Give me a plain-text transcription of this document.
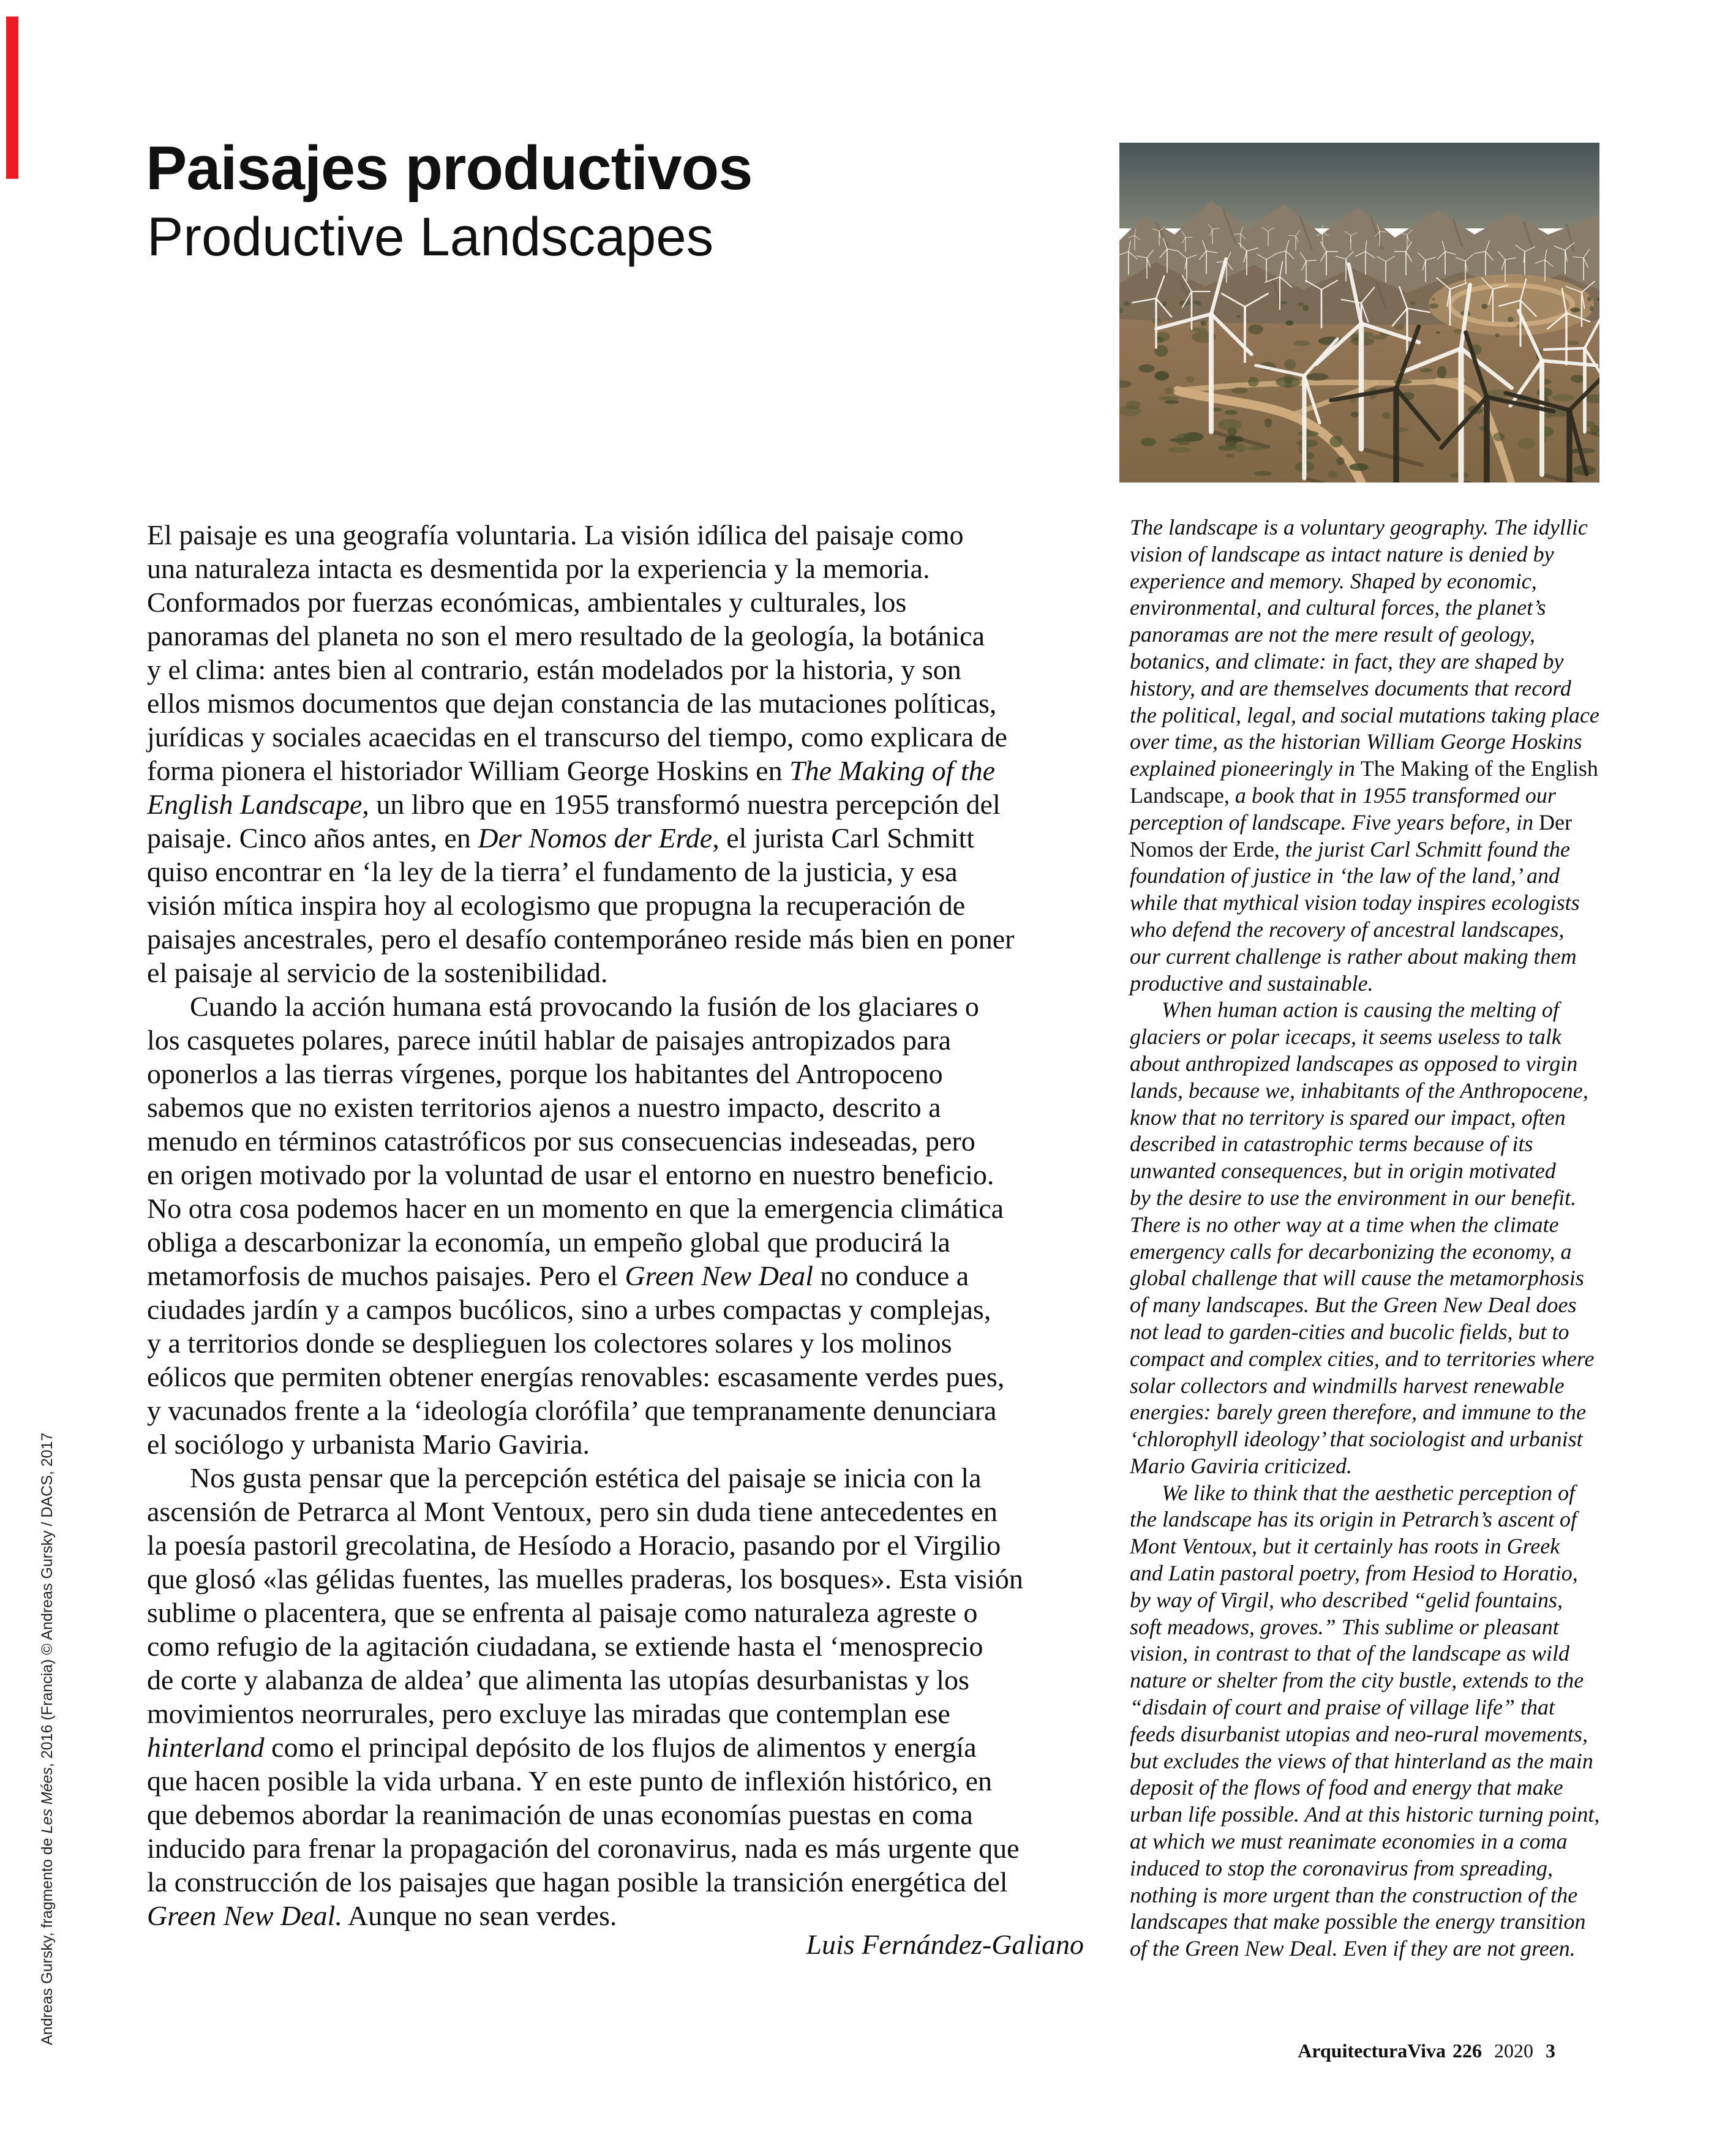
Paisajes productivos
Productive Landscapes
Andreas Gursky, fragmento de Les Mées, 2016 (Francia) © Andreas Gursky / DACS, 2017
El paisaje es una geografía voluntaria. La visión idílica del paisaje como
una naturaleza intacta es desmentida por la experiencia y la memoria.
Conformados por fuerzas económicas, ambientales y culturales, los
panoramas del planeta no son el mero resultado de la geología, la botánica
y el clima: antes bien al contrario, están modelados por la historia, y son
ellos mismos documentos que dejan constancia de las mutaciones políticas,
jurídicas y sociales acaecidas en el transcurso del tiempo, como explicara de
forma pionera el historiador William George Hoskins en The Making of the
English Landscape, un libro que en 1955 transformó nuestra percepción del
paisaje. Cinco años antes, en Der Nomos der Erde, el jurista Carl Schmitt
quiso encontrar en ‘la ley de la tierra’ el fundamento de la justicia, y esa
visión mítica inspira hoy al ecologismo que propugna la recuperación de
paisajes ancestrales, pero el desafío contemporáneo reside más bien en poner
el paisaje al servicio de la sostenibilidad.
Cuando la acción humana está provocando la fusión de los glaciares o
los casquetes polares, parece inútil hablar de paisajes antropizados para
oponerlos a las tierras vírgenes, porque los habitantes del Antropoceno
sabemos que no existen territorios ajenos a nuestro impacto, descrito a
menudo en términos catastróficos por sus consecuencias indeseadas, pero
en origen motivado por la voluntad de usar el entorno en nuestro beneficio.
No otra cosa podemos hacer en un momento en que la emergencia climática
obliga a descarbonizar la economía, un empeño global que producirá la
metamorfosis de muchos paisajes. Pero el Green New Deal no conduce a
ciudades jardín y a campos bucólicos, sino a urbes compactas y complejas,
y a territorios donde se desplieguen los colectores solares y los molinos
eólicos que permiten obtener energías renovables: escasamente verdes pues,
y vacunados frente a la ‘ideología clorófila’ que tempranamente denunciara
el sociólogo y urbanista Mario Gaviria.
Nos gusta pensar que la percepción estética del paisaje se inicia con la
ascensión de Petrarca al Mont Ventoux, pero sin duda tiene antecedentes en
la poesía pastoril grecolatina, de Hesíodo a Horacio, pasando por el Virgilio
que glosó «las gélidas fuentes, las muelles praderas, los bosques». Esta visión
sublime o placentera, que se enfrenta al paisaje como naturaleza agreste o
como refugio de la agitación ciudadana, se extiende hasta el ‘menosprecio
de corte y alabanza de aldea’ que alimenta las utopías desurbanistas y los
movimientos neorrurales, pero excluye las miradas que contemplan ese
hinterland como el principal depósito de los flujos de alimentos y energía
que hacen posible la vida urbana. Y en este punto de inflexión histórico, en
que debemos abordar la reanimación de unas economías puestas en coma
inducido para frenar la propagación del coronavirus, nada es más urgente que
la construcción de los paisajes que hagan posible la transición energética del
Green New Deal. Aunque no sean verdes.
The landscape is a voluntary geography. The idyllic
vision of landscape as intact nature is denied by
experience and memory. Shaped by economic,
environmental, and cultural forces, the planet’s
panoramas are not the mere result of geology,
botanics, and climate: in fact, they are shaped by
history, and are themselves documents that record
the political, legal, and social mutations taking place
over time, as the historian William George Hoskins
explained pioneeringly in The Making of the English
Landscape, a book that in 1955 transformed our
perception of landscape. Five years before, in Der
Nomos der Erde, the jurist Carl Schmitt found the
foundation of justice in ‘the law of the land,’ and
while that mythical vision today inspires ecologists
who defend the recovery of ancestral landscapes,
our current challenge is rather about making them
productive and sustainable.
When human action is causing the melting of
glaciers or polar icecaps, it seems useless to talk
about anthropized landscapes as opposed to virgin
lands, because we, inhabitants of the Anthropocene,
know that no territory is spared our impact, often
described in catastrophic terms because of its
unwanted consequences, but in origin motivated
by the desire to use the environment in our benefit.
There is no other way at a time when the climate
emergency calls for decarbonizing the economy, a
global challenge that will cause the metamorphosis
of many landscapes. But the Green New Deal does
not lead to garden-cities and bucolic fields, but to
compact and complex cities, and to territories where
solar collectors and windmills harvest renewable
energies: barely green therefore, and immune to the
‘chlorophyll ideology’ that sociologist and urbanist
Mario Gaviria criticized.
We like to think that the aesthetic perception of
the landscape has its origin in Petrarch’s ascent of
Mont Ventoux, but it certainly has roots in Greek
and Latin pastoral poetry, from Hesiod to Horatio,
by way of Virgil, who described “gelid fountains,
soft meadows, groves.” This sublime or pleasant
vision, in contrast to that of the landscape as wild
nature or shelter from the city bustle, extends to the
“disdain of court and praise of village life” that
feeds disurbanist utopias and neo-rural movements,
but excludes the views of that hinterland as the main
deposit of the flows of food and energy that make
urban life possible. And at this historic turning point,
at which we must reanimate economies in a coma
induced to stop the coronavirus from spreading,
nothing is more urgent than the construction of the
landscapes that make possible the energy transition
of the Green New Deal. Even if they are not green.
Luis Fernández-Galiano
ArquitecturaViva 226 2020 3
